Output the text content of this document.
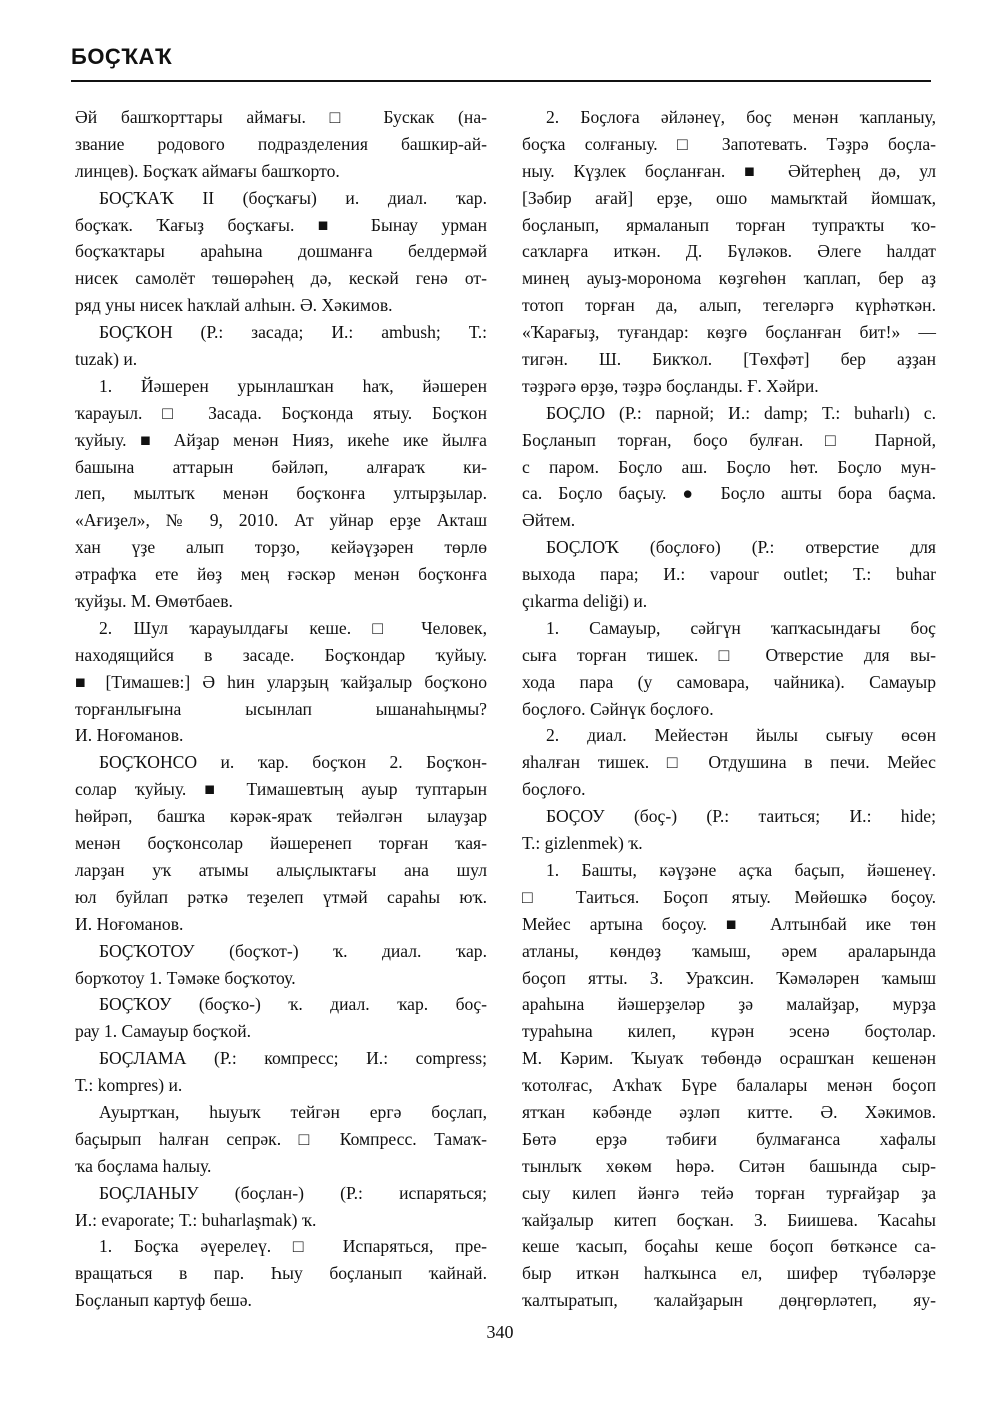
БОҪҠАҠ
Әй башҡорттары аймағы. □ Бускак (на-
звание родового подразделения башкир-ай-
линцев). Боҫҡаҡ аймағы башҡорто.
БОҪҠАҠ II (боҫҡағы) и. диал. ҡар.
боҫҡаҡ. Ҡағыҙ боҫҡағы. ■ Бынау урман
боҫҡаҡтары араһына дошманға белдермәй
нисек самолёт төшөрәһең дә, кескәй генә от-
ряд уны нисек һаҡлай алһын. Ә. Хәкимов.
БОҪҠОН (Р.: засада; И.: ambush; Т.:
tuzak) и.
1. Йәшерен урынлашҡан һаҡ, йәшерен
ҡарауыл. □ Засада. Боҫҡонда ятыу. Боҫҡон
ҡуйыу. ■ Айҙар менән Нияз, икеһе ике йылға
башына аттарын бәйләп, алғараҡ ки-
леп, мылтыҡ менән боҫҡонға ултырҙылар.
«Ағиҙел», № 9, 2010. Ат уйнар ерҙе Акташ
хан үҙе алып торҙо, кейәүҙәрен төрлө
әтрафҡа ете йөҙ мең ғәскәр менән боҫҡонға
ҡуйҙы. М. Өмөтбаев.
2. Шул ҡарауылдағы кеше. □ Человек,
находящийся в засаде. Боҫҡондар ҡуйыу.
■ [Тимашев:] Ә һин уларҙың ҡайҙалыр боҫҡоно
торғанлығына ысынлап ышанаһыңмы?
И. Ноғоманов.
БОҪҠОНСО и. ҡар. боҫҡон 2. Боҫҡон-
солар ҡуйыу. ■ Тимашевтың ауыр туптарын
һөйрәп, башҡа кәрәк-яраҡ тейәлгән ылауҙар
менән боҫҡонсолар йәшеренеп торған ҡая-
ларҙан уҡ атымы алыҫлыктағы ана шул
юл буйлап рәткә теҙелеп үтмәй сараһы юҡ.
И. Ноғоманов.
БОҪҠОТОУ (боҫҡот-) ҡ. диал. ҡар.
борҡотоу 1. Тәмәке боҫҡотоу.
БОҪҠОУ (боҫҡо-) ҡ. диал. ҡар. боҫ-
рау 1. Самауыр боҫҡой.
БОҪЛАМА (Р.: компресс; И.: compress;
Т.: kompres) и.
Ауыртҡан, һыуыҡ тейгән ергә боҫлап,
баҫырып һалған сепрәк. □ Компресс. Тамаҡ-
ҡа боҫлама һалыу.
БОҪЛАНЫУ (боҫлан-) (Р.: испаряться;
И.: evaporate; Т.: buharlaşmak) ҡ.
1. Боҫҡа әүерелеү. □ Испаряться, пре-
вращаться в пар. Һыу боҫланып ҡайнай.
Боҫланып картуф бешә.
2. Боҫлоға әйләнеү, боҫ менән ҡапланыу,
боҫҡа солғаныу. □ Запотевать. Тәҙрә боҫла-
ныу. Күҙлек боҫланған. ■ Әйтерһең дә, ул
[Зәбир ағай] ерҙе, ошо мамыҡтай йомшаҡ,
боҫланып, ярмаланып торған тупраҡты ҡо-
саҡларға иткән. Д. Бүләков. Әлеге һалдат
минең ауыҙ-моронома көҙгөһөн ҡаплап, бер аҙ
тотоп торған да, алып, тегеләргә күрһәткән.
«Ҡарағыҙ, туғандар: көҙгө боҫланған бит!» —
тигән. Ш. Бикҡол. [Төхфәт] бер аҙҙан
тәҙрәгә өрҙө, тәҙрә боҫланды. Ғ. Хәйри.
БОҪЛО (Р.: парной; И.: damp; Т.: buharlı) с.
Боҫланып торған, боҫо булған. □ Парной,
с паром. Боҫло аш. Боҫло һөт. Боҫло мун-
са. Боҫло баҫыу. ● Боҫло ашты бора баҫма.
Әйтем.
БОҪЛОҠ (боҫлоғо) (Р.: отверстие для
выхода пара; И.: vapour outlet; Т.: buhar
çıkarma deliği) и.
1. Самауыр, сәйгүн ҡапҡасындағы боҫ
сыға торған тишек. □ Отверстие для вы-
хода пара (у самовара, чайника). Самауыр
боҫлоғо. Сәйнүк боҫлоғо.
2. диал. Мейестән йылы сығыу өсөн
яһалған тишек. □ Отдушина в печи. Мейес
боҫлоғо.
БОҪОУ (боҫ-) (Р.: таиться; И.: hide;
Т.: gizlenmek) ҡ.
1. Башты, кәүҙәне аҫҡа баҫып, йәшенеү.
□ Таиться. Боҫоп ятыу. Мөйөшкә боҫоу.
Мейес артына боҫоу. ■ Алтынбай ике төн
атланы, көндөҙ ҡамыш, әрем араларында
боҫоп ятты. З. Ураҡсин. Ҡәмәләрен ҡамыш
араһына йәшерҙеләр ҙә малайҙар, мурҙа
тураһына килеп, күрән эсенә боҫтолар.
М. Кәрим. Ҡыуаҡ төбөндә осрашҡан кешенән
ҡотолғас, Аҡһаҡ Бүре балалары менән боҫоп
ятҡан кәбәнде әҙләп китте. Ә. Хәкимов.
Бөтә ерҙә тәбиғи булмағанса хафалы
тынлыҡ хөкөм һөрә. Ситән башында сыр-
сыу килеп йәнгә тейә торған турғайҙар ҙа
ҡайҙалыр китеп боҫҡан. З. Биишева. Ҡасаһы
кеше ҡасып, боҫаһы кеше боҫоп бөткәнсе са-
быр иткән һалҡынса ел, шифер түбәләрҙе
ҡалтыратып, ҡалайҙарын дөңгөрләтеп, яу-
340
